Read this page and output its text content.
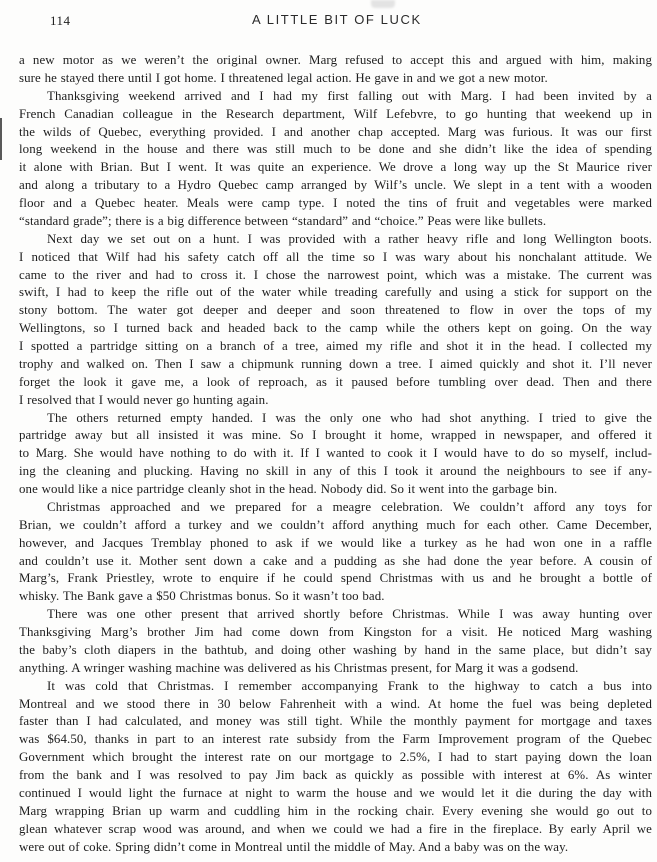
114	A LITTLE BIT OF LUCK
a new motor as we weren’t the original owner. Marg refused to accept this and argued with him, making
sure he stayed there until I got home. I threatened legal action. He gave in and we got a new motor.
Thanksgiving weekend arrived and I had my first falling out with Marg. I had been invited by a
French Canadian colleague in the Research department, Wilf Lefebvre, to go hunting that weekend up in
the wilds of Quebec, everything provided. I and another chap accepted. Marg was furious. It was our first
long weekend in the house and there was still much to be done and she didn’t like the idea of spending
it alone with Brian. But I went. It was quite an experience. We drove a long way up the St Maurice river
and along a tributary to a Hydro Quebec camp arranged by Wilf’s uncle. We slept in a tent with a wooden
floor and a Quebec heater. Meals were camp type. I noted the tins of fruit and vegetables were marked
“standard grade”; there is a big difference between “standard” and “choice.” Peas were like bullets.
Next day we set out on a hunt. I was provided with a rather heavy rifle and long Wellington boots.
I noticed that Wilf had his safety catch off all the time so I was wary about his nonchalant attitude. We
came to the river and had to cross it. I chose the narrowest point, which was a mistake. The current was
swift, I had to keep the rifle out of the water while treading carefully and using a stick for support on the
stony bottom. The water got deeper and deeper and soon threatened to flow in over the tops of my
Wellingtons, so I turned back and headed back to the camp while the others kept on going. On the way
I spotted a partridge sitting on a branch of a tree, aimed my rifle and shot it in the head. I collected my
trophy and walked on. Then I saw a chipmunk running down a tree. I aimed quickly and shot it. I’ll never
forget the look it gave me, a look of reproach, as it paused before tumbling over dead. Then and there
I resolved that I would never go hunting again.
The others returned empty handed. I was the only one who had shot anything. I tried to give the
partridge away but all insisted it was mine. So I brought it home, wrapped in newspaper, and offered it
to Marg. She would have nothing to do with it. If I wanted to cook it I would have to do so myself, includ-
ing the cleaning and plucking. Having no skill in any of this I took it around the neighbours to see if any-
one would like a nice partridge cleanly shot in the head. Nobody did. So it went into the garbage bin.
Christmas approached and we prepared for a meagre celebration. We couldn’t afford any toys for
Brian, we couldn’t afford a turkey and we couldn’t afford anything much for each other. Came December,
however, and Jacques Tremblay phoned to ask if we would like a turkey as he had won one in a raffle
and couldn’t use it. Mother sent down a cake and a pudding as she had done the year before. A cousin of
Marg’s, Frank Priestley, wrote to enquire if he could spend Christmas with us and he brought a bottle of
whisky. The Bank gave a $50 Christmas bonus. So it wasn’t too bad.
There was one other present that arrived shortly before Christmas. While I was away hunting over
Thanksgiving Marg’s brother Jim had come down from Kingston for a visit. He noticed Marg washing
the baby’s cloth diapers in the bathtub, and doing other washing by hand in the same place, but didn’t say
anything. A wringer washing machine was delivered as his Christmas present, for Marg it was a godsend.
It was cold that Christmas. I remember accompanying Frank to the highway to catch a bus into
Montreal and we stood there in 30 below Fahrenheit with a wind. At home the fuel was being depleted
faster than I had calculated, and money was still tight. While the monthly payment for mortgage and taxes
was $64.50, thanks in part to an interest rate subsidy from the Farm Improvement program of the Quebec
Government which brought the interest rate on our mortgage to 2.5%, I had to start paying down the loan
from the bank and I was resolved to pay Jim back as quickly as possible with interest at 6%. As winter
continued I would light the furnace at night to warm the house and we would let it die during the day with
Marg wrapping Brian up warm and cuddling him in the rocking chair. Every evening she would go out to
glean whatever scrap wood was around, and when we could we had a fire in the fireplace. By early April we
were out of coke. Spring didn’t come in Montreal until the middle of May. And a baby was on the way.
